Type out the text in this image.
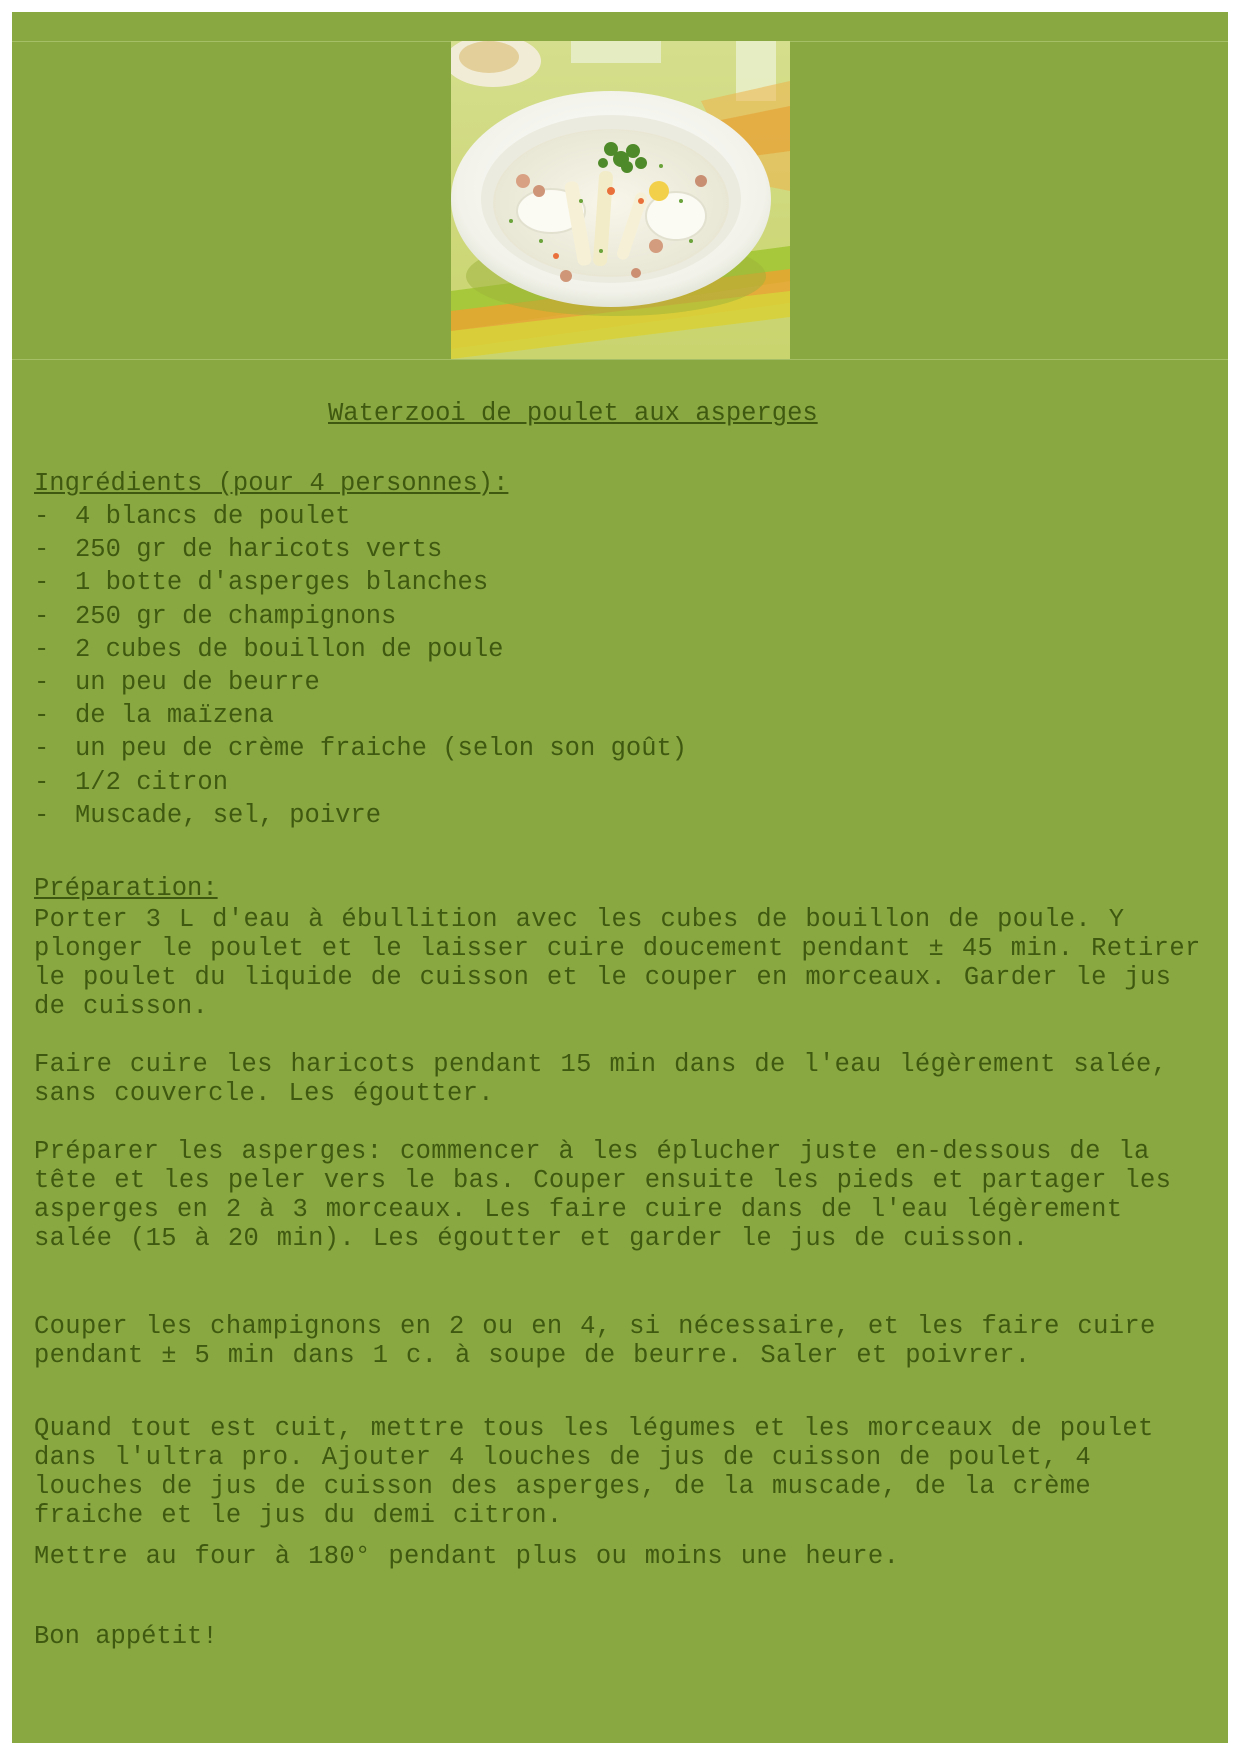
Waterzooi de poulet aux asperges
Ingrédients (pour 4 personnes):
-	4 blancs de poulet
-	250 gr de haricots verts
-	1 botte d'asperges blanches
-	250 gr de champignons
-	2 cubes de bouillon de poule
-	un peu de beurre
-	de la maïzena
-	un peu de crème fraiche (selon son goût)
-	1/2 citron
-	Muscade, sel, poivre
Préparation:

Porter 3 L d'eau à ébullition avec les cubes de bouillon de poule. Y plonger le poulet et le laisser cuire doucement pendant ± 45 min. Retirer le poulet du liquide de cuisson et le couper en morceaux. Garder le jus de cuisson.

Faire cuire les haricots pendant 15 min dans de l'eau légèrement salée, sans couvercle. Les égoutter.

Préparer les asperges: commencer à les éplucher juste en-dessous de la tête et les peler vers le bas. Couper ensuite les pieds et partager les asperges en 2 à 3 morceaux. Les faire cuire dans de l'eau légèrement salée (15 à 20 min). Les égoutter et garder le jus de cuisson.

Couper les champignons en 2 ou en 4, si nécessaire, et les faire cuire pendant ± 5 min dans 1 c. à soupe de beurre. Saler et poivrer.

Quand tout est cuit, mettre tous les légumes et les morceaux de poulet dans l'ultra pro. Ajouter 4 louches de jus de cuisson de poulet, 4 louches de jus de cuisson des asperges, de la muscade, de la crème fraiche et le jus du demi citron.

Mettre au four à 180° pendant plus ou moins une heure.

Bon appétit!
